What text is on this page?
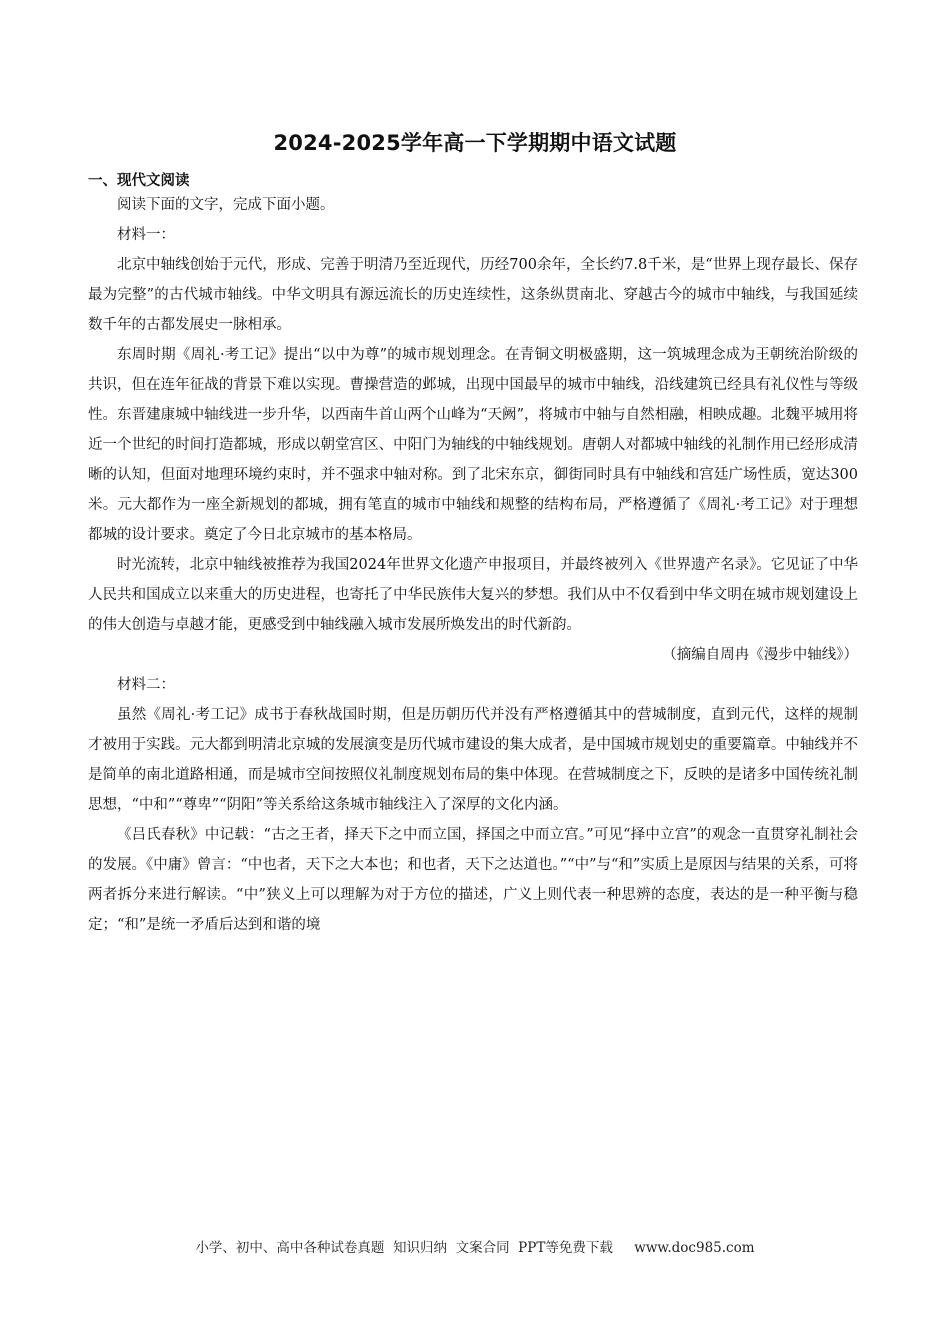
2024-2025学年高一下学期期中语文试题
一、现代文阅读

阅读下面的文字，完成下面小题。

材料一：

北京中轴线创始于元代，形成、完善于明清乃至近现代，历经700余年，全长约7.8千米，是“世界上现存最长、保存最为完整”的古代城市轴线。中华文明具有源远流长的历史连续性，这条纵贯南北、穿越古今的城市中轴线，与我国延续数千年的古都发展史一脉相承。

东周时期《周礼·考工记》提出“以中为尊”的城市规划理念。在青铜文明极盛期，这一筑城理念成为王朝统治阶级的共识，但在连年征战的背景下难以实现。曹操营造的邺城，出现中国最早的城市中轴线，沿线建筑已经具有礼仪性与等级性。东晋建康城中轴线进一步升华，以西南牛首山两个山峰为“天阙”，将城市中轴与自然相融，相映成趣。北魏平城用将近一个世纪的时间打造都城，形成以朝堂宫区、中阳门为轴线的中轴线规划。唐朝人对都城中轴线的礼制作用已经形成清晰的认知，但面对地理环境约束时，并不强求中轴对称。到了北宋东京，御街同时具有中轴线和宫廷广场性质，宽达300米。元大都作为一座全新规划的都城，拥有笔直的城市中轴线和规整的结构布局，严格遵循了《周礼·考工记》对于理想都城的设计要求。奠定了今日北京城市的基本格局。

时光流转，北京中轴线被推荐为我国2024年世界文化遗产申报项目，并最终被列入《世界遗产名录》。它见证了中华人民共和国成立以来重大的历史进程，也寄托了中华民族伟大复兴的梦想。我们从中不仅看到中华文明在城市规划建设上的伟大创造与卓越才能，更感受到中轴线融入城市发展所焕发出的时代新韵。

（摘编自周冉《漫步中轴线》）

材料二：

虽然《周礼·考工记》成书于春秋战国时期，但是历朝历代并没有严格遵循其中的营城制度，直到元代，这样的规制才被用于实践。元大都到明清北京城的发展演变是历代城市建设的集大成者，是中国城市规划史的重要篇章。中轴线并不是简单的南北道路相通，而是城市空间按照仪礼制度规划布局的集中体现。在营城制度之下，反映的是诸多中国传统礼制思想，“中和”“尊卑”“阴阳”等关系给这条城市轴线注入了深厚的文化内涵。

《吕氏春秋》中记载：“古之王者，择天下之中而立国，择国之中而立宫。”可见“择中立宫”的观念一直贯穿礼制社会的发展。《中庸》曾言：“中也者，天下之大本也；和也者，天下之达道也。”“中”与“和”实质上是原因与结果的关系，可将两者拆分来进行解读。“中”狭义上可以理解为对于方位的描述，广义上则代表一种思辨的态度，表达的是一种平衡与稳定；“和”是统一矛盾后达到和谐的境

小学、初中、高中各种试卷真题  知识归纳  文案合同  PPT等免费下载     www.doc985.com
